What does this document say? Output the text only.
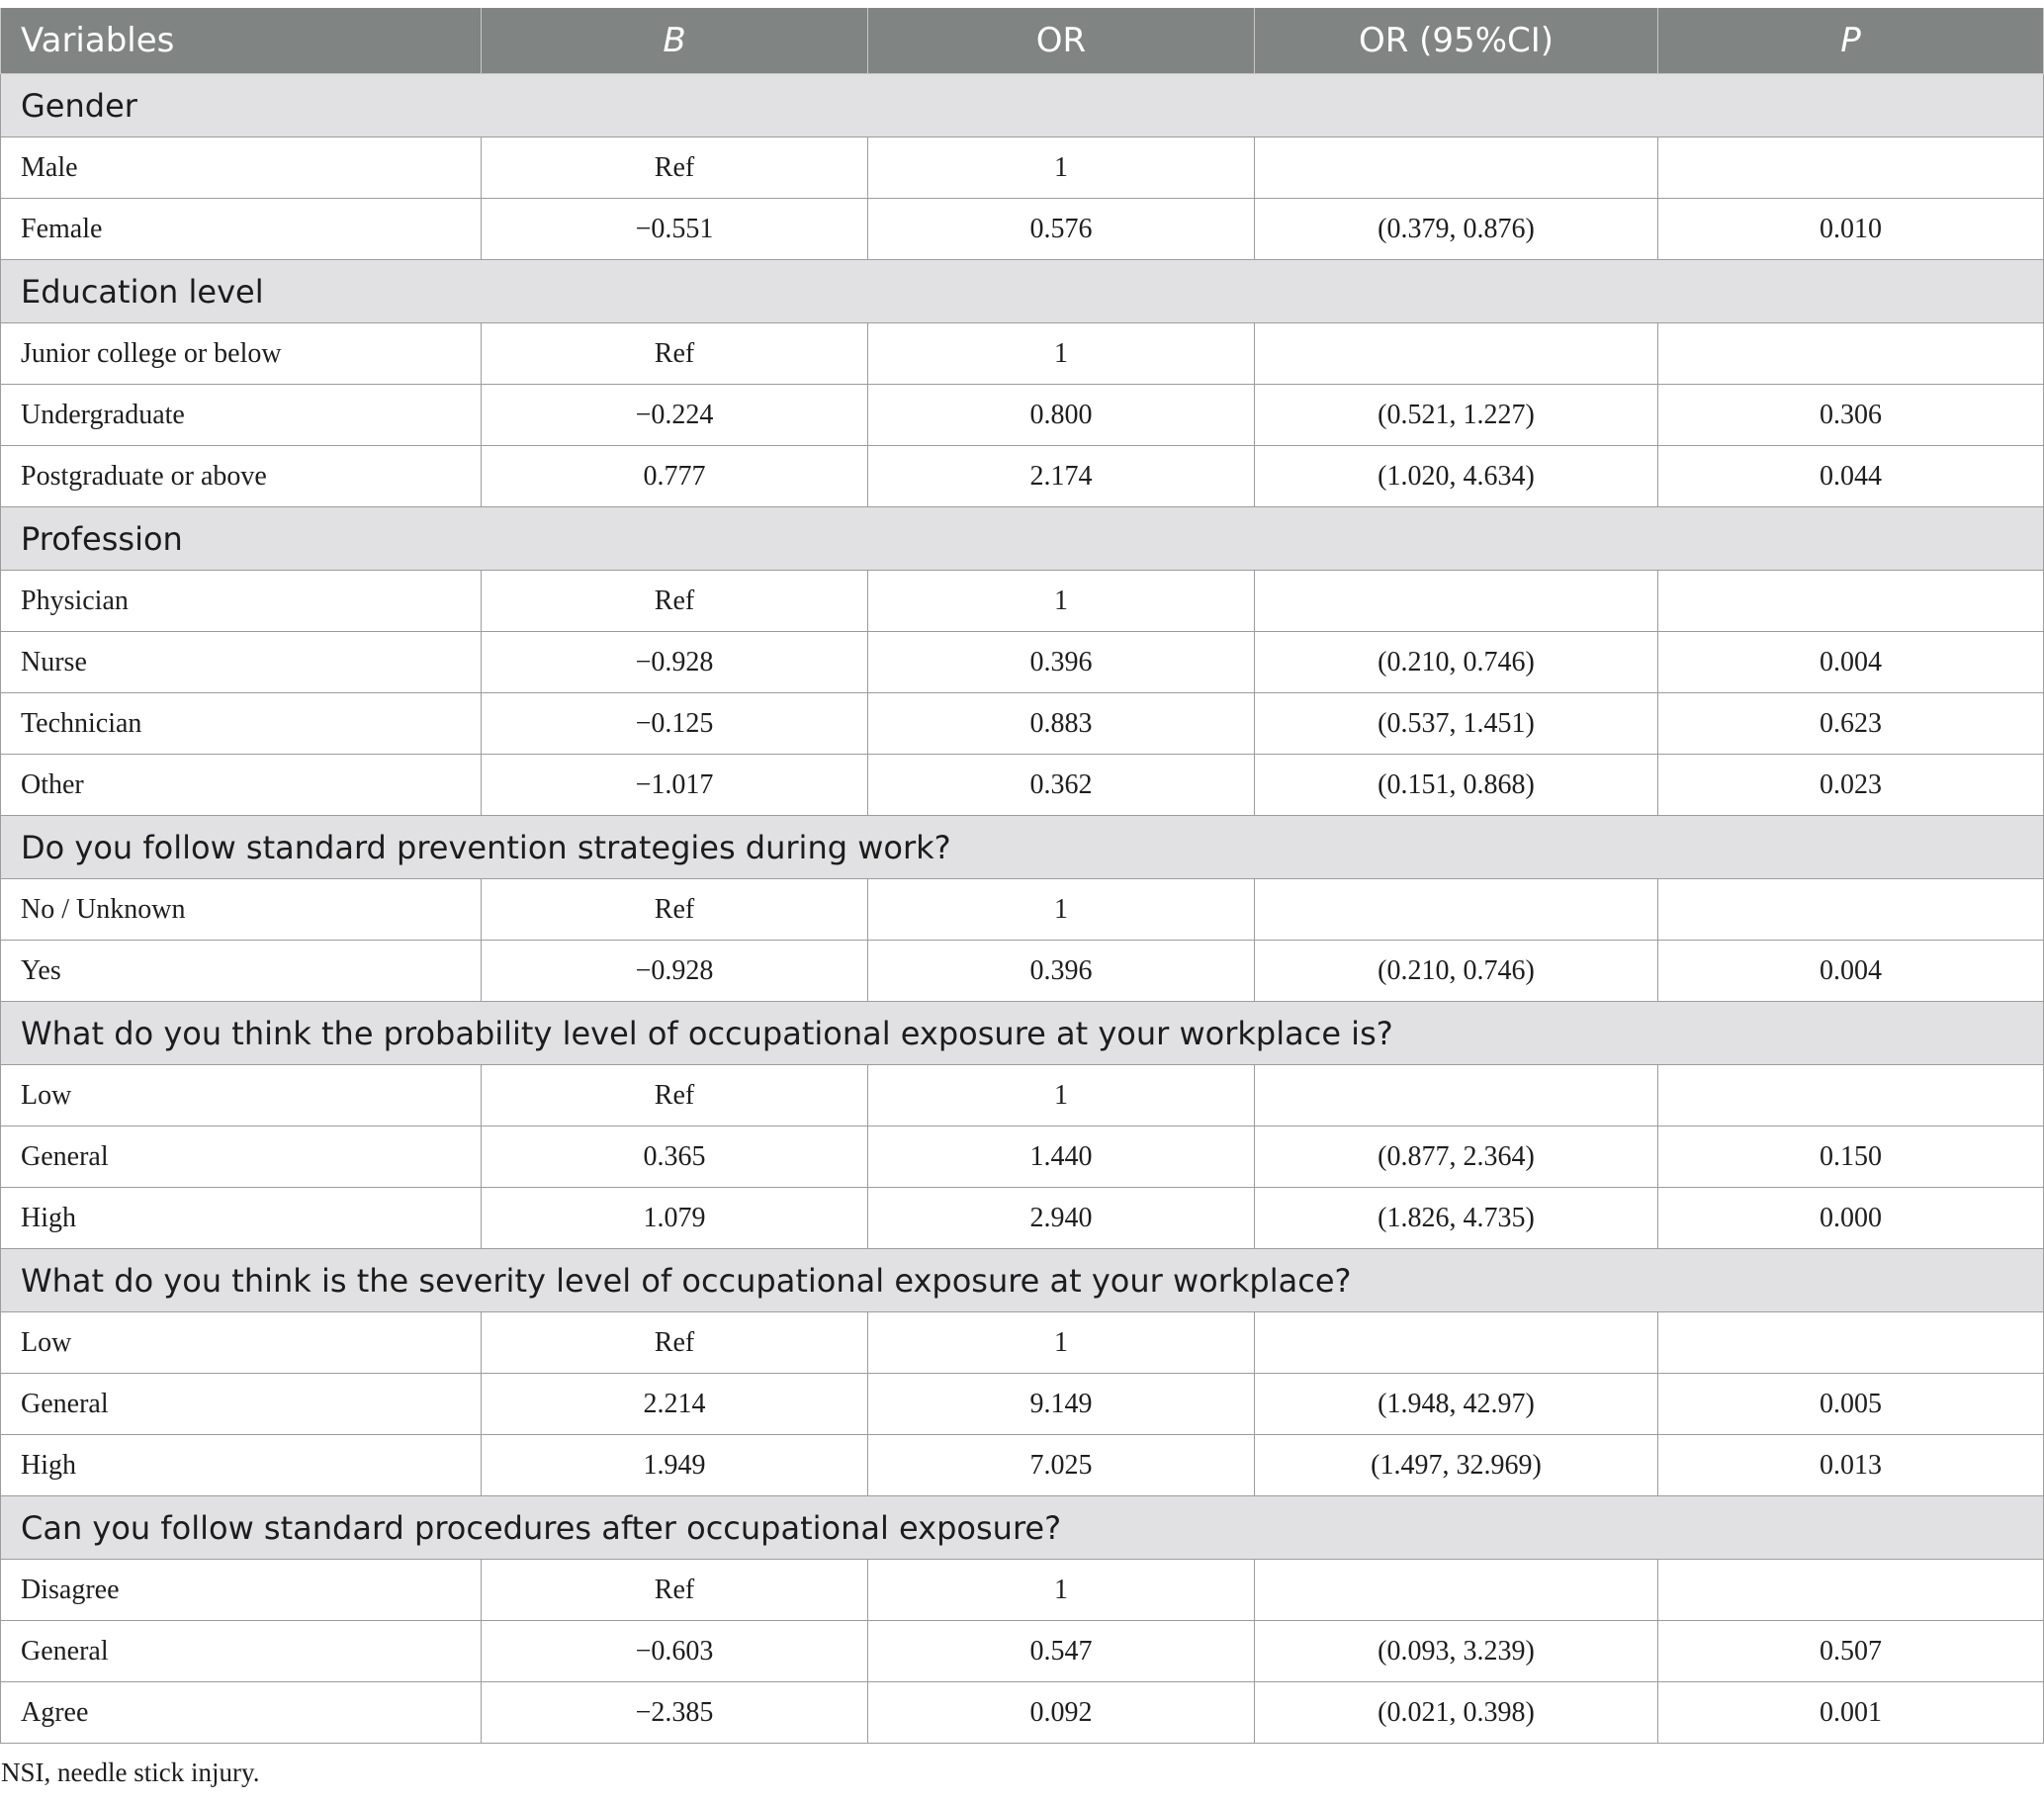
Variables	B	OR	OR (95%CI)	P
Gender				
Male	Ref	1		
Female	−0.551	0.576	(0.379, 0.876)	0.010
Education level				
Junior college or below	Ref	1		
Undergraduate	−0.224	0.800	(0.521, 1.227)	0.306
Postgraduate or above	0.777	2.174	(1.020, 4.634)	0.044
Profession				
Physician	Ref	1		
Nurse	−0.928	0.396	(0.210, 0.746)	0.004
Technician	−0.125	0.883	(0.537, 1.451)	0.623
Other	−1.017	0.362	(0.151, 0.868)	0.023
Do you follow standard prevention strategies during work?				
No / Unknown	Ref	1		
Yes	−0.928	0.396	(0.210, 0.746)	0.004
What do you think the probability level of occupational exposure at your workplace is?				
Low	Ref	1		
General	0.365	1.440	(0.877, 2.364)	0.150
High	1.079	2.940	(1.826, 4.735)	0.000
What do you think is the severity level of occupational exposure at your workplace?				
Low	Ref	1		
General	2.214	9.149	(1.948, 42.97)	0.005
High	1.949	7.025	(1.497, 32.969)	0.013
Can you follow standard procedures after occupational exposure?				
Disagree	Ref	1		
General	−0.603	0.547	(0.093, 3.239)	0.507
Agree	−2.385	0.092	(0.021, 0.398)	0.001
NSI, needle stick injury.
